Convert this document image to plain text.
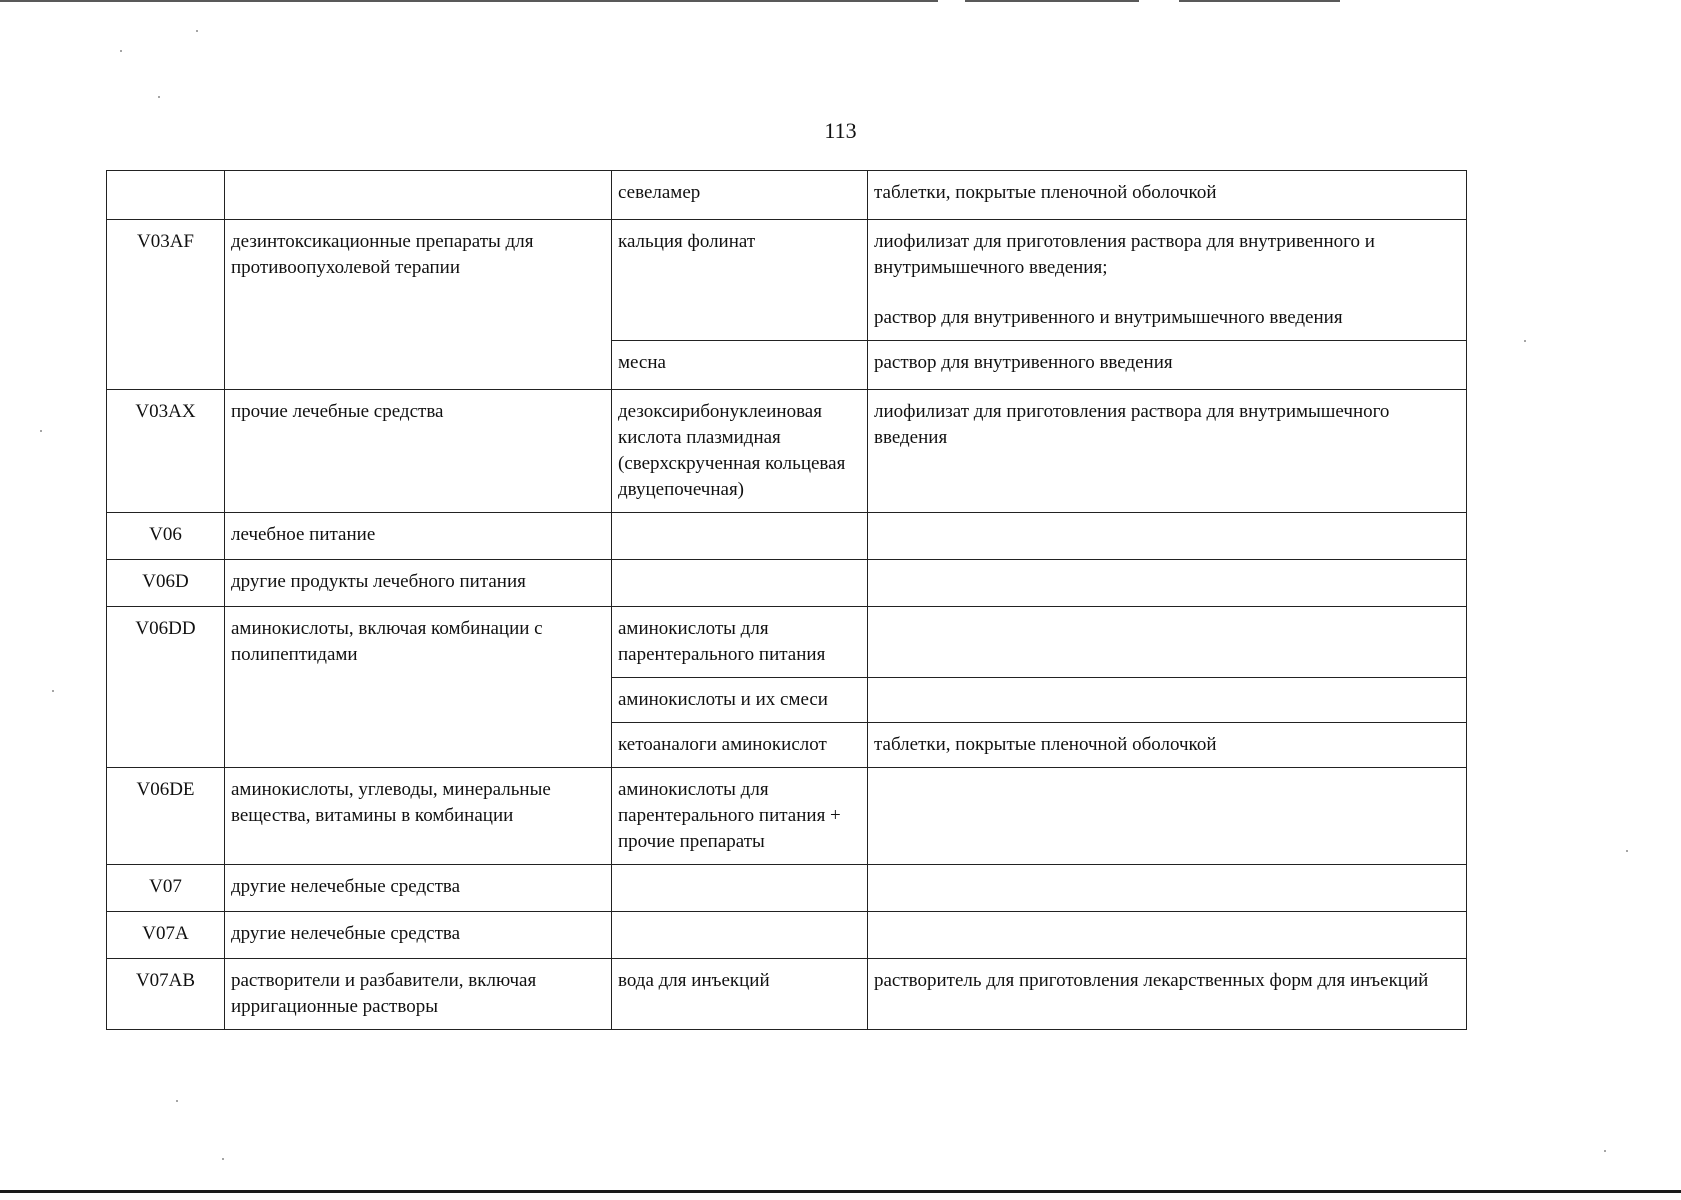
113
		севеламер	таблетки, покрытые пленочной оболочкой
V03AF	дезинтоксикационные препараты для противоопухолевой терапии	кальция фолинат	лиофилизат для приготовления раствора для внутривенного и внутримышечного введения;
раствор для внутривенного и внутримышечного введения

		месна	раствор для внутривенного введения
V03AX	прочие лечебные средства	дезоксирибонуклеиновая кислота плазмидная (сверхскрученная кольцевая двуцепочечная)	лиофилизат для приготовления раствора для внутримышечного введения
V06	лечебное питание		
V06D	другие продукты лечебного питания		
V06DD	аминокислоты, включая комбинации с полипептидами	аминокислоты для парентерального питания	
		аминокислоты и их смеси	
		кетоаналоги аминокислот	таблетки, покрытые пленочной оболочкой
V06DE	аминокислоты, углеводы, минеральные вещества, витамины в комбинации	аминокислоты для парентерального питания + прочие препараты	
V07	другие нелечебные средства		
V07A	другие нелечебные средства		
V07AB	растворители и разбавители, включая ирригационные растворы	вода для инъекций	растворитель для приготовления лекарственных форм для инъекций
